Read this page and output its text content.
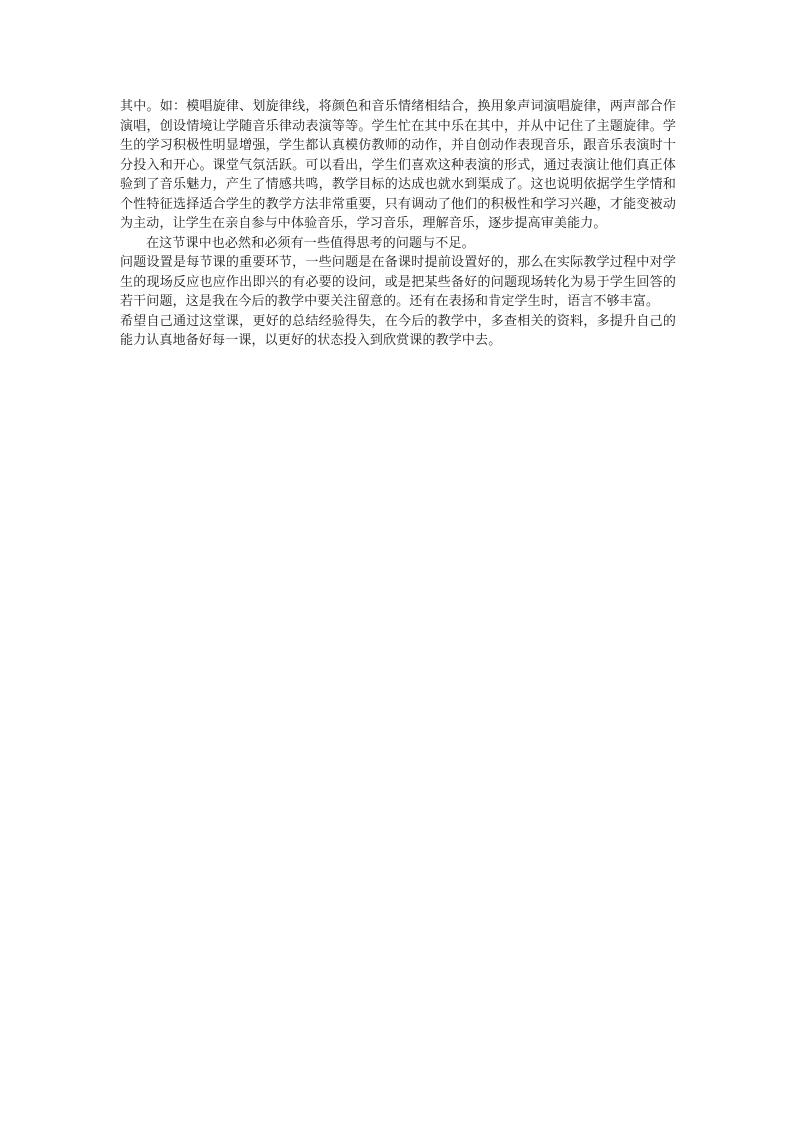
其中。如：模唱旋律、划旋律线，将颜色和音乐情绪相结合，换用象声词演唱旋律，两声部合作演唱，创设情境让学随音乐律动表演等等。学生忙在其中乐在其中，并从中记住了主题旋律。学生的学习积极性明显增强，学生都认真模仿教师的动作，并自创动作表现音乐，跟音乐表演时十分投入和开心。课堂气氛活跃。可以看出，学生们喜欢这种表演的形式，通过表演让他们真正体验到了音乐魅力，产生了情感共鸣，教学目标的达成也就水到渠成了。这也说明依据学生学情和个性特征选择适合学生的教学方法非常重要，只有调动了他们的积极性和学习兴趣，才能变被动为主动，让学生在亲自参与中体验音乐，学习音乐，理解音乐，逐步提高审美能力。

在这节课中也必然和必须有一些值得思考的问题与不足。

问题设置是每节课的重要环节，一些问题是在备课时提前设置好的，那么在实际教学过程中对学生的现场反应也应作出即兴的有必要的设问，或是把某些备好的问题现场转化为易于学生回答的若干问题，这是我在今后的教学中要关注留意的。还有在表扬和肯定学生时，语言不够丰富。

希望自己通过这堂课，更好的总结经验得失，在今后的教学中，多查相关的资料，多提升自己的能力认真地备好每一课，以更好的状态投入到欣赏课的教学中去。
